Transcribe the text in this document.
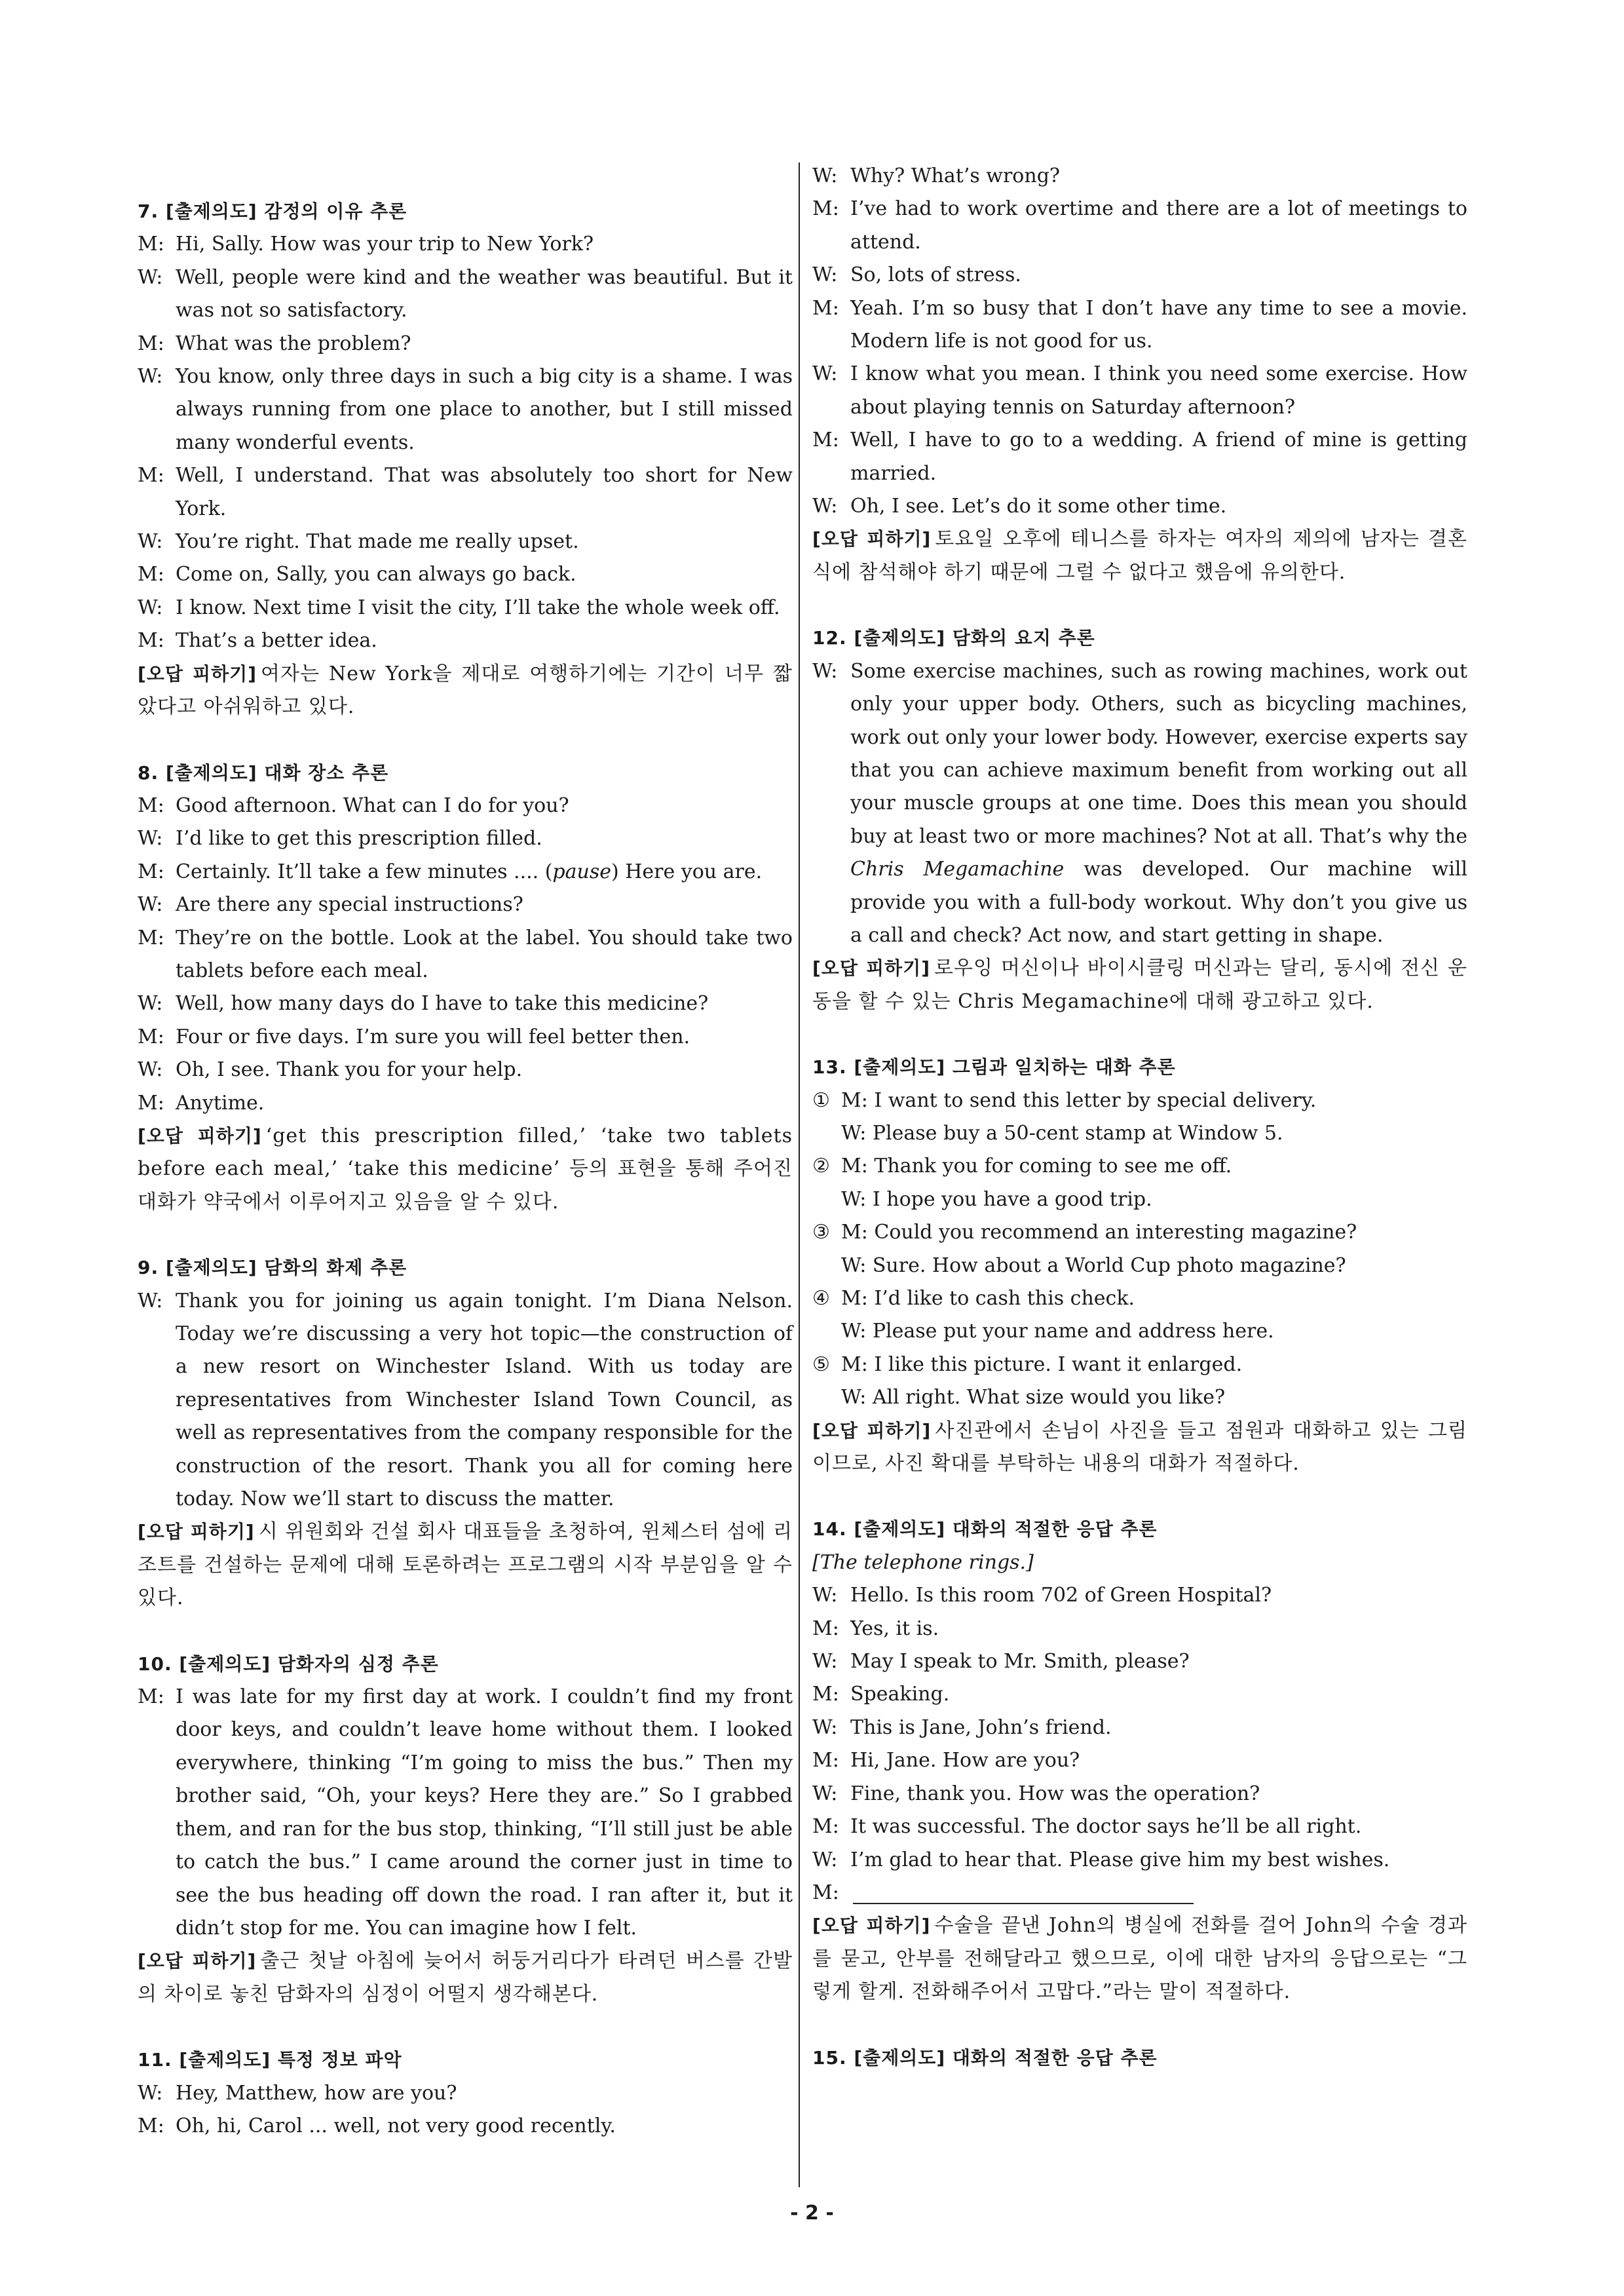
7. [출제의도] 감정의 이유 추론
M: Hi, Sally. How was your trip to New York?
W: Well, people were kind and the weather was beautiful. But it was not so satisfactory.
M: What was the problem?
W: You know, only three days in such a big city is a shame. I was always running from one place to another, but I still missed many wonderful events.
M: Well, I understand. That was absolutely too short for New York.
W: You’re right. That made me really upset.
M: Come on, Sally, you can always go back.
W: I know. Next time I visit the city, I’ll take the whole week off.
M: That’s a better idea.
[오답 피하기] 여자는 New York을 제대로 여행하기에는 기간이 너무 짧았다고 아쉬워하고 있다.
8. [출제의도] 대화 장소 추론
M: Good afternoon. What can I do for you?
W: I’d like to get this prescription filled.
M: Certainly. It’ll take a few minutes .... (pause) Here you are.
W: Are there any special instructions?
M: They’re on the bottle. Look at the label. You should take two tablets before each meal.
W: Well, how many days do I have to take this medicine?
M: Four or five days. I’m sure you will feel better then.
W: Oh, I see. Thank you for your help.
M: Anytime.
[오답 피하기] ‘get this prescription filled,’ ‘take two tablets before each meal,’ ‘take this medicine’ 등의 표현을 통해 주어진 대화가 약국에서 이루어지고 있음을 알 수 있다.
9. [출제의도] 담화의 화제 추론
W: Thank you for joining us again tonight. I’m Diana Nelson. Today we’re discussing a very hot topic—the construction of a new resort on Winchester Island. With us today are representatives from Winchester Island Town Council, as well as representatives from the company responsible for the construction of the resort. Thank you all for coming here today. Now we’ll start to discuss the matter.
[오답 피하기] 시 위원회와 건설 회사 대표들을 초청하여, 윈체스터 섬에 리조트를 건설하는 문제에 대해 토론하려는 프로그램의 시작 부분임을 알 수 있다.
10. [출제의도] 담화자의 심정 추론
M: I was late for my first day at work. I couldn’t find my front door keys, and couldn’t leave home without them. I looked everywhere, thinking “I’m going to miss the bus.” Then my brother said, “Oh, your keys? Here they are.” So I grabbed them, and ran for the bus stop, thinking, “I’ll still just be able to catch the bus.” I came around the corner just in time to see the bus heading off down the road. I ran after it, but it didn’t stop for me. You can imagine how I felt.
[오답 피하기] 출근 첫날 아침에 늦어서 허둥거리다가 타려던 버스를 간발의 차이로 놓친 담화자의 심정이 어떨지 생각해본다.
11. [출제의도] 특정 정보 파악
W: Hey, Matthew, how are you?
M: Oh, hi, Carol ... well, not very good recently.
W: Why? What’s wrong?
M: I’ve had to work overtime and there are a lot of meetings to attend.
W: So, lots of stress.
M: Yeah. I’m so busy that I don’t have any time to see a movie. Modern life is not good for us.
W: I know what you mean. I think you need some exercise. How about playing tennis on Saturday afternoon?
M: Well, I have to go to a wedding. A friend of mine is getting married.
W: Oh, I see. Let’s do it some other time.
[오답 피하기] 토요일 오후에 테니스를 하자는 여자의 제의에 남자는 결혼식에 참석해야 하기 때문에 그럴 수 없다고 했음에 유의한다.
12. [출제의도] 담화의 요지 추론
W: Some exercise machines, such as rowing machines, work out only your upper body. Others, such as bicycling machines, work out only your lower body. However, exercise experts say that you can achieve maximum benefit from working out all your muscle groups at one time. Does this mean you should buy at least two or more machines? Not at all. That’s why the Chris Megamachine was developed. Our machine will provide you with a full-body workout. Why don’t you give us a call and check? Act now, and start getting in shape.
[오답 피하기] 로우잉 머신이나 바이시클링 머신과는 달리, 동시에 전신 운동을 할 수 있는 Chris Megamachine에 대해 광고하고 있다.
13. [출제의도] 그림과 일치하는 대화 추론
① M: I want to send this letter by special delivery.
W: Please buy a 50-cent stamp at Window 5.
② M: Thank you for coming to see me off.
W: I hope you have a good trip.
③ M: Could you recommend an interesting magazine?
W: Sure. How about a World Cup photo magazine?
④ M: I’d like to cash this check.
W: Please put your name and address here.
⑤ M: I like this picture. I want it enlarged.
W: All right. What size would you like?
[오답 피하기] 사진관에서 손님이 사진을 들고 점원과 대화하고 있는 그림이므로, 사진 확대를 부탁하는 내용의 대화가 적절하다.
14. [출제의도] 대화의 적절한 응답 추론
[The telephone rings.]
W: Hello. Is this room 702 of Green Hospital?
M: Yes, it is.
W: May I speak to Mr. Smith, please?
M: Speaking.
W: This is Jane, John’s friend.
M: Hi, Jane. How are you?
W: Fine, thank you. How was the operation?
M: It was successful. The doctor says he’ll be all right.
W: I’m glad to hear that. Please give him my best wishes.
M:
[오답 피하기] 수술을 끝낸 John의 병실에 전화를 걸어 John의 수술 경과를 묻고, 안부를 전해달라고 했으므로, 이에 대한 남자의 응답으로는 “그렇게 할게. 전화해주어서 고맙다.”라는 말이 적절하다.
15. [출제의도] 대화의 적절한 응답 추론
- 2 -
